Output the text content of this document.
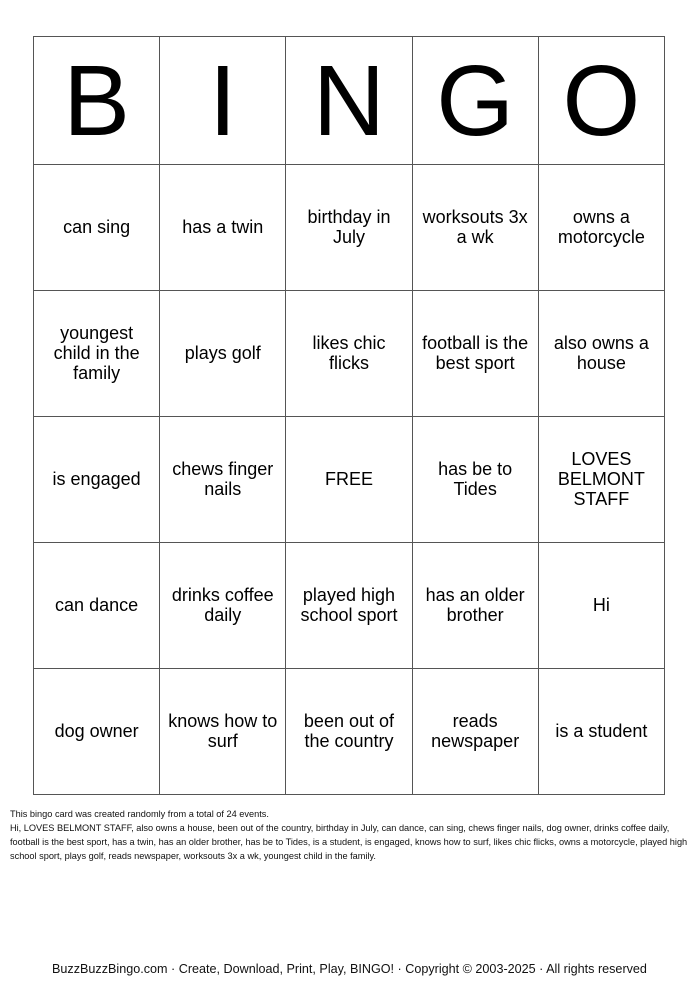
B	I	N	G	O
can sing	has a twin	birthday in July	worksouts 3x a wk	owns a motorcycle
youngest child in the family	plays golf	likes chic flicks	football is the best sport	also owns a house
is engaged	chews finger nails	FREE	has be to Tides	LOVES BELMONT STAFF
can dance	drinks coffee daily	played high school sport	has an older brother	Hi
dog owner	knows how to surf	been out of the country	reads newspaper	is a student

This bingo card was created randomly from a total of 24 events.

Hi, LOVES BELMONT STAFF, also owns a house, been out of the country, birthday in July, can dance, can sing, chews finger nails, dog owner, drinks coffee daily, football is the best sport, has a twin, has an older brother, has be to Tides, is a student, is engaged, knows how to surf, likes chic flicks, owns a motorcycle, played high school sport, plays golf, reads newspaper, worksouts 3x a wk, youngest child in the family.

BuzzBuzzBingo.com · Create, Download, Print, Play, BINGO! · Copyright © 2003-2025 · All rights reserved
